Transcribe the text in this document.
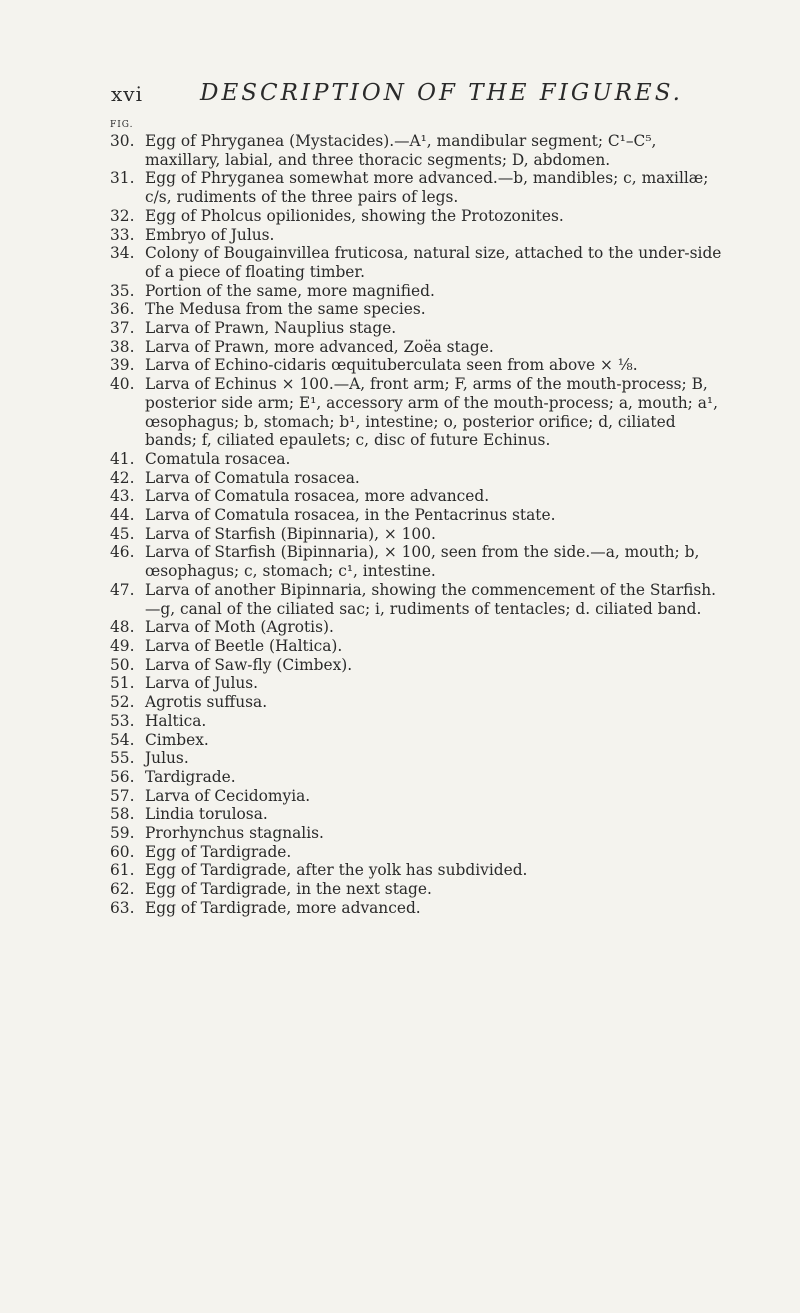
xvi DESCRIPTION OF THE FIGURES.
FIG.
30. Egg of Phryganea (Mystacides).—A¹, mandibular segment; C¹–C⁵, maxillary, labial, and three thoracic segments; D, abdomen.
31. Egg of Phryganea somewhat more advanced.—b, mandibles; c, maxillæ; c/s, rudiments of the three pairs of legs.
32. Egg of Pholcus opilionides, showing the Protozonites.
33. Embryo of Julus.
34. Colony of Bougainvillea fruticosa, natural size, attached to the under-side of a piece of floating timber.
35. Portion of the same, more magnified.
36. The Medusa from the same species.
37. Larva of Prawn, Nauplius stage.
38. Larva of Prawn, more advanced, Zoëa stage.
39. Larva of Echino-cidaris œquituberculata seen from above × ⅛.
40. Larva of Echinus × 100.—A, front arm; F, arms of the mouth-process; B, posterior side arm; E¹, accessory arm of the mouth-process; a, mouth; a¹, œsophagus; b, stomach; b¹, intestine; o, posterior orifice; d, ciliated bands; f, ciliated epaulets; c, disc of future Echinus.
41. Comatula rosacea.
42. Larva of Comatula rosacea.
43. Larva of Comatula rosacea, more advanced.
44. Larva of Comatula rosacea, in the Pentacrinus state.
45. Larva of Starfish (Bipinnaria), × 100.
46. Larva of Starfish (Bipinnaria), × 100, seen from the side.—a, mouth; b, œsophagus; c, stomach; c¹, intestine.
47. Larva of another Bipinnaria, showing the commencement of the Starfish.—g, canal of the ciliated sac; i, rudiments of tentacles; d. ciliated band.
48. Larva of Moth (Agrotis).
49. Larva of Beetle (Haltica).
50. Larva of Saw-fly (Cimbex).
51. Larva of Julus.
52. Agrotis suffusa.
53. Haltica.
54. Cimbex.
55. Julus.
56. Tardigrade.
57. Larva of Cecidomyia.
58. Lindia torulosa.
59. Prorhynchus stagnalis.
60. Egg of Tardigrade.
61. Egg of Tardigrade, after the yolk has subdivided.
62. Egg of Tardigrade, in the next stage.
63. Egg of Tardigrade, more advanced.
